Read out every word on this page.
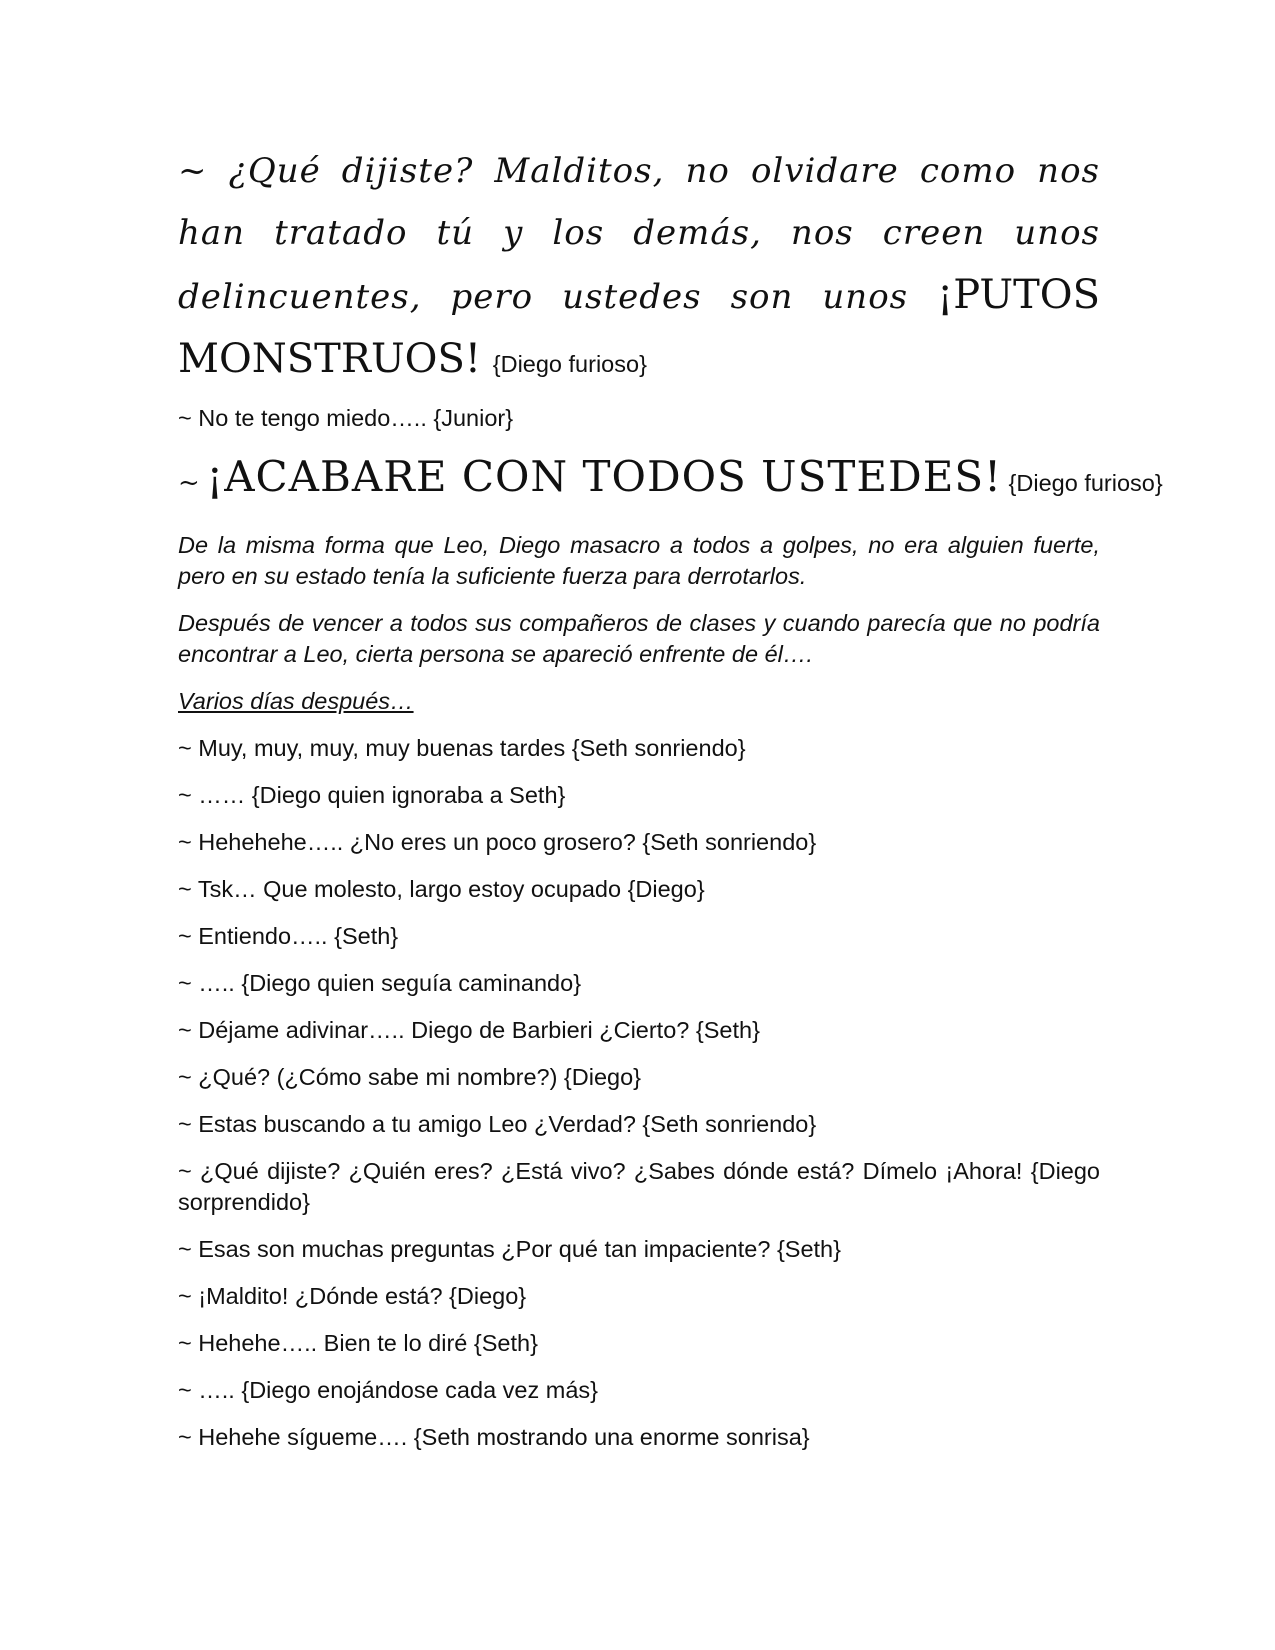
~ ¿Qué dijiste? Malditos, no olvidare como nos han tratado tú y los demás, nos creen unos delincuentes, pero ustedes son unos ¡PUTOS MONSTRUOS! {Diego furioso}

~ No te tengo miedo….. {Junior}

~ ¡ACABARE CON TODOS USTEDES! {Diego furioso}

De la misma forma que Leo, Diego masacro a todos a golpes, no era alguien fuerte, pero en su estado tenía la suficiente fuerza para derrotarlos.

Después de vencer a todos sus compañeros de clases y cuando parecía que no podría encontrar a Leo, cierta persona se apareció enfrente de él….

Varios días después…

~ Muy, muy, muy, muy buenas tardes {Seth sonriendo}

~ …… {Diego quien ignoraba a Seth}

~ Hehehehe….. ¿No eres un poco grosero? {Seth sonriendo}

~ Tsk… Que molesto, largo estoy ocupado {Diego}

~ Entiendo….. {Seth}

~ ….. {Diego quien seguía caminando}

~ Déjame adivinar….. Diego de Barbieri ¿Cierto? {Seth}

~ ¿Qué? (¿Cómo sabe mi nombre?) {Diego}

~ Estas buscando a tu amigo Leo ¿Verdad? {Seth sonriendo}

~ ¿Qué dijiste? ¿Quién eres? ¿Está vivo? ¿Sabes dónde está? Dímelo ¡Ahora! {Diego sorprendido}

~ Esas son muchas preguntas ¿Por qué tan impaciente? {Seth}

~ ¡Maldito! ¿Dónde está? {Diego}

~ Hehehe….. Bien te lo diré {Seth}

~ ….. {Diego enojándose cada vez más}

~ Hehehe sígueme…. {Seth mostrando una enorme sonrisa}
